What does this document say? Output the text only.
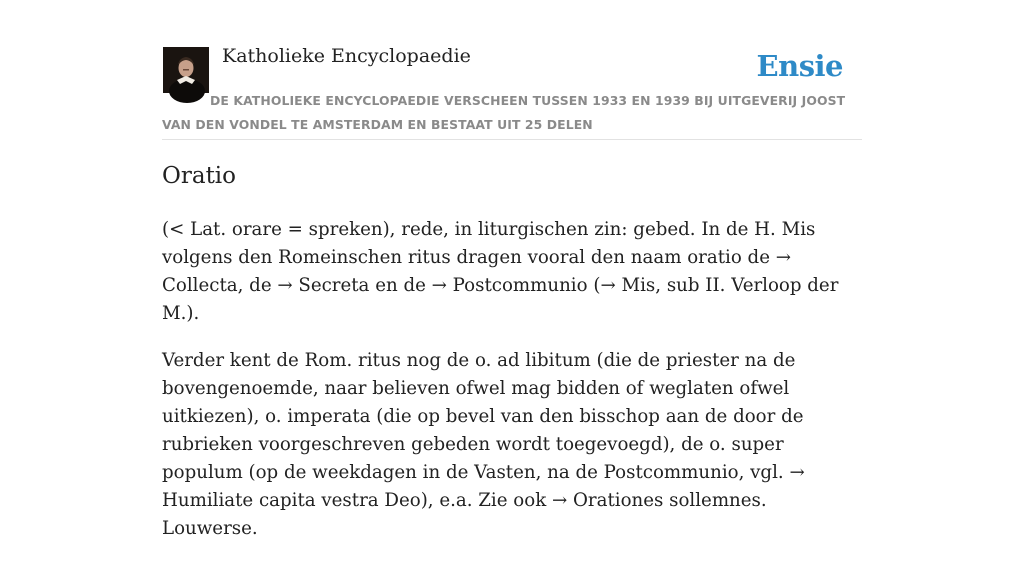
Katholieke Encyclopaedie	Ensie

DE KATHOLIEKE ENCYCLOPAEDIE VERSCHEEN TUSSEN 1933 EN 1939 BIJ UITGEVERIJ JOOST VAN DEN VONDEL TE AMSTERDAM EN BESTAAT UIT 25 DELEN

Oratio

(< Lat. orare = spreken), rede, in liturgischen zin: gebed. In de H. Mis volgens den Romeinschen ritus dragen vooral den naam oratio de → Collecta, de → Secreta en de → Postcommunio (→ Mis, sub II. Verloop der M.).

Verder kent de Rom. ritus nog de o. ad libitum (die de priester na de bovengenoemde, naar believen ofwel mag bidden of weglaten ofwel uitkiezen), o. imperata (die op bevel van den bisschop aan de door de rubrieken voorgeschreven gebeden wordt toegevoegd), de o. super populum (op de weekdagen in de Vasten, na de Postcommunio, vgl. → Humiliate capita vestra Deo), e.a. Zie ook → Orationes sollemnes. Louwerse.
